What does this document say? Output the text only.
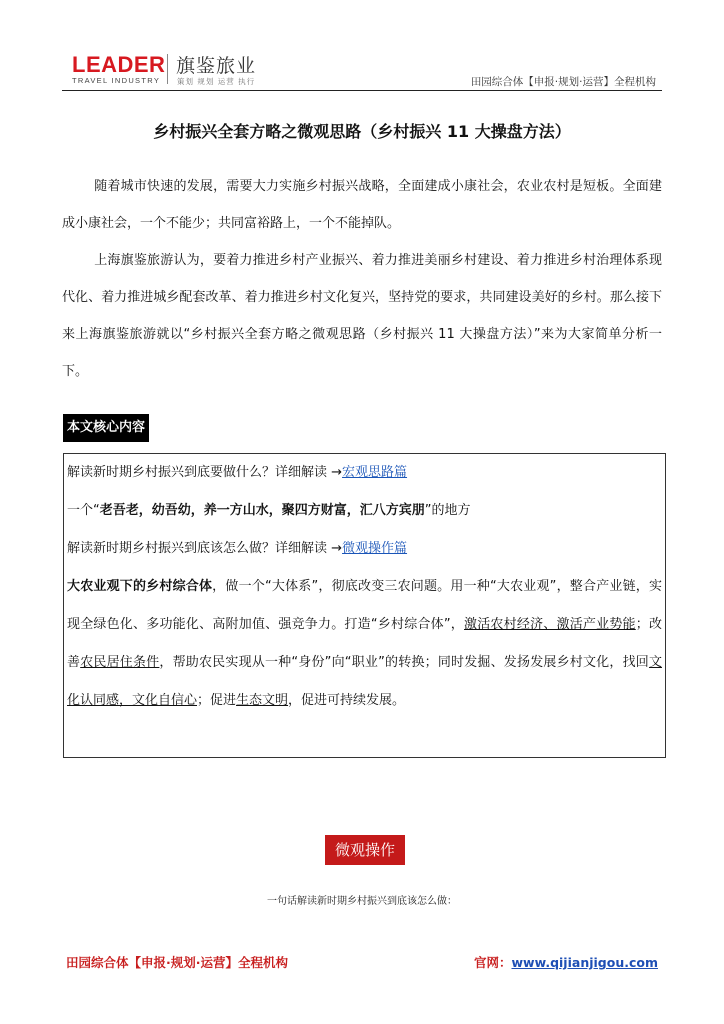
LEADER
TRAVEL INDUSTRY
旗鉴旅业
策划 规划 运营 执行	田园综合体【申报·规划·运营】全程机构
乡村振兴全套方略之微观思路（乡村振兴 11 大操盘方法）
随着城市快速的发展，需要大力实施乡村振兴战略，全面建成小康社会，农业农村是短板。全面建成小康社会，一个不能少；共同富裕路上，一个不能掉队。
上海旗鉴旅游认为，要着力推进乡村产业振兴、着力推进美丽乡村建设、着力推进乡村治理体系现代化、着力推进城乡配套改革、着力推进乡村文化复兴，坚持党的要求，共同建设美好的乡村。那么接下来上海旗鉴旅游就以“乡村振兴全套方略之微观思路（乡村振兴 11 大操盘方法）”来为大家简单分析一下。
本文核心内容
解读新时期乡村振兴到底要做什么？详细解读 →宏观思路篇
一个“老吾老，幼吾幼，养一方山水，聚四方财富，汇八方宾朋”的地方
解读新时期乡村振兴到底该怎么做？详细解读 →微观操作篇
大农业观下的乡村综合体，做一个“大体系”，彻底改变三农问题。用一种“大农业观”，整合产业链，实现全绿色化、多功能化、高附加值、强竞争力。打造“乡村综合体”，激活农村经济、激活产业势能；改善农民居住条件，帮助农民实现从一种“身份”向“职业”的转换；同时发掘、发扬发展乡村文化，找回文化认同感，文化自信心；促进生态文明，促进可持续发展。
微观操作
一句话解读新时期乡村振兴到底该怎么做：
田园综合体【申报·规划·运营】全程机构	官网：www.qijianjigou.com
